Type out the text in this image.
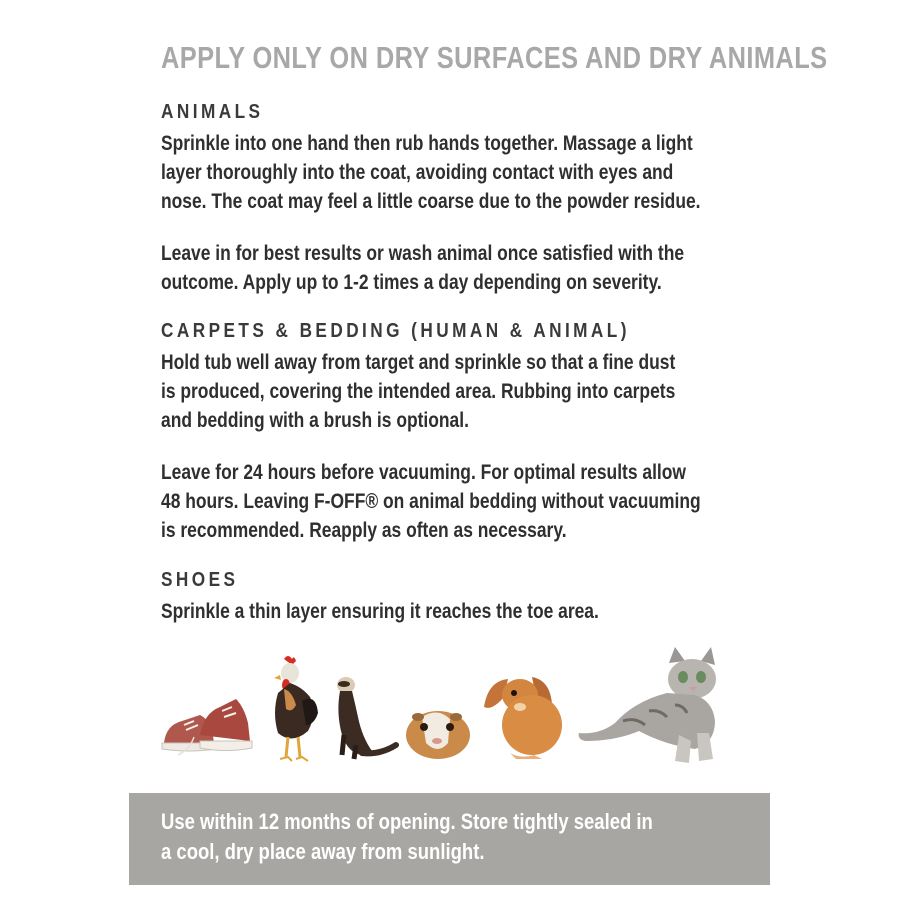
APPLY ONLY ON DRY SURFACES AND DRY ANIMALS
ANIMALS
Sprinkle into one hand then rub hands together. Massage a light
layer thoroughly into the coat, avoiding contact with eyes and
nose. The coat may feel a little coarse due to the powder residue.
Leave in for best results or wash animal once satisfied with the
outcome. Apply up to 1-2 times a day depending on severity.
CARPETS & BEDDING (HUMAN & ANIMAL)
Hold tub well away from target and sprinkle so that a fine dust
is produced, covering the intended area. Rubbing into carpets
and bedding with a brush is optional.
Leave for 24 hours before vacuuming. For optimal results allow
48 hours. Leaving F-OFF® on animal bedding without vacuuming
is recommended. Reapply as often as necessary.
SHOES
Sprinkle a thin layer ensuring it reaches the toe area.
Use within 12 months of opening. Store tightly sealed in
a cool, dry place away from sunlight.
